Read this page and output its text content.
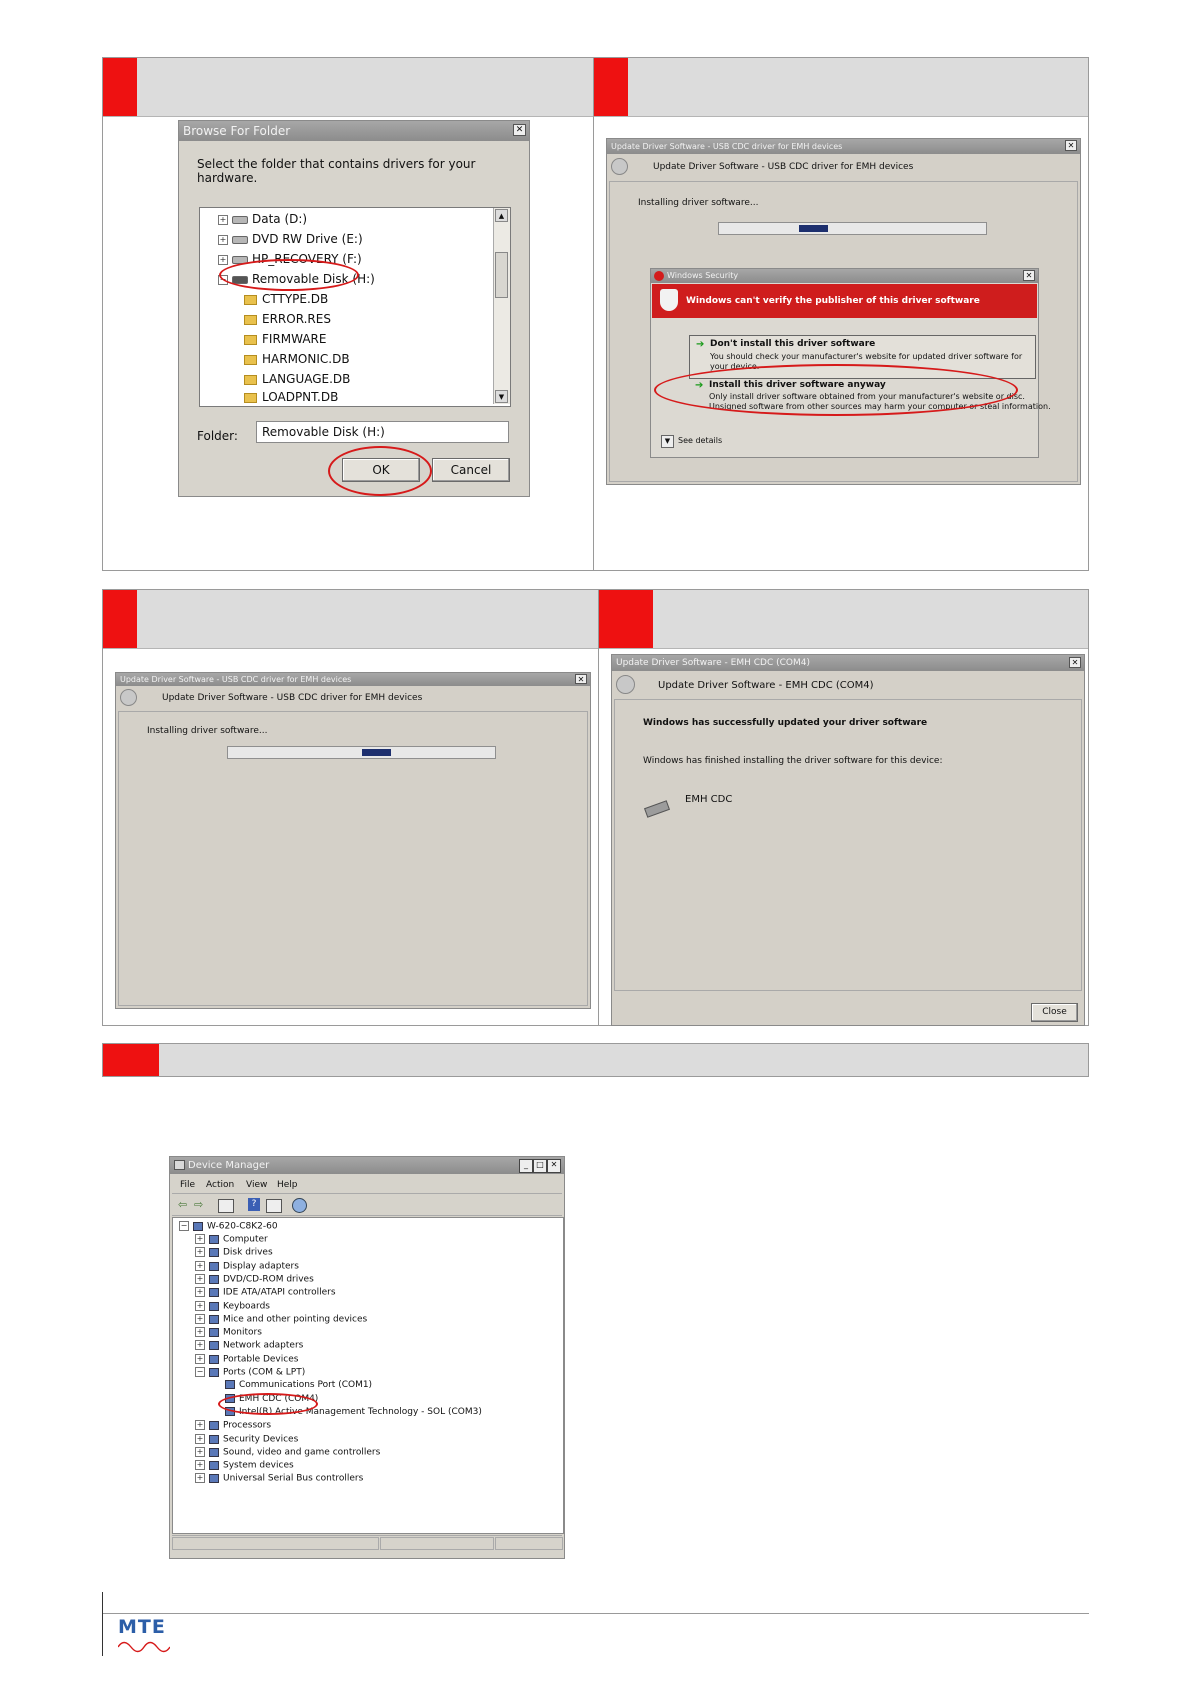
Browse For Folder	✕
Select the folder that contains drivers for your hardware.
+ Data (D:)
+ DVD RW Drive (E:)
+ HP_RECOVERY (F:)
− Removable Disk (H:)
CTTYPE.DB
ERROR.RES
FIRMWARE
HARMONIC.DB
LANGUAGE.DB
LOADPNT.DB
▲
▼
Folder:	Removable Disk (H:)
OK	Cancel
Update Driver Software - USB CDC driver for EMH devices	✕
Update Driver Software - USB CDC driver for EMH devices
Installing driver software...
Windows Security	✕
Windows can't verify the publisher of this driver software
➔ Don't install this driver software
You should check your manufacturer's website for updated driver software for your device.
➔ Install this driver software anyway
Only install driver software obtained from your manufacturer's website or disc. Unsigned software from other sources may harm your computer or steal information.
▼ See details
Update Driver Software - USB CDC driver for EMH devices	✕
Update Driver Software - USB CDC driver for EMH devices
Installing driver software...
Update Driver Software - EMH CDC (COM4)	✕
Update Driver Software - EMH CDC (COM4)
Windows has successfully updated your driver software
Windows has finished installing the driver software for this device:
EMH CDC
Close
Device Manager	_ □ ✕
File Action View Help
⇦ ⇨	?
− W-620-C8K2-60
+ Computer
+ Disk drives
+ Display adapters
+ DVD/CD-ROM drives
+ IDE ATA/ATAPI controllers
+ Keyboards
+ Mice and other pointing devices
+ Monitors
+ Network adapters
+ Portable Devices
− Ports (COM & LPT)
Communications Port (COM1)
EMH CDC (COM4)
Intel(R) Active Management Technology - SOL (COM3)
+ Processors
+ Security Devices
+ Sound, video and game controllers
+ System devices
+ Universal Serial Bus controllers
MTE
